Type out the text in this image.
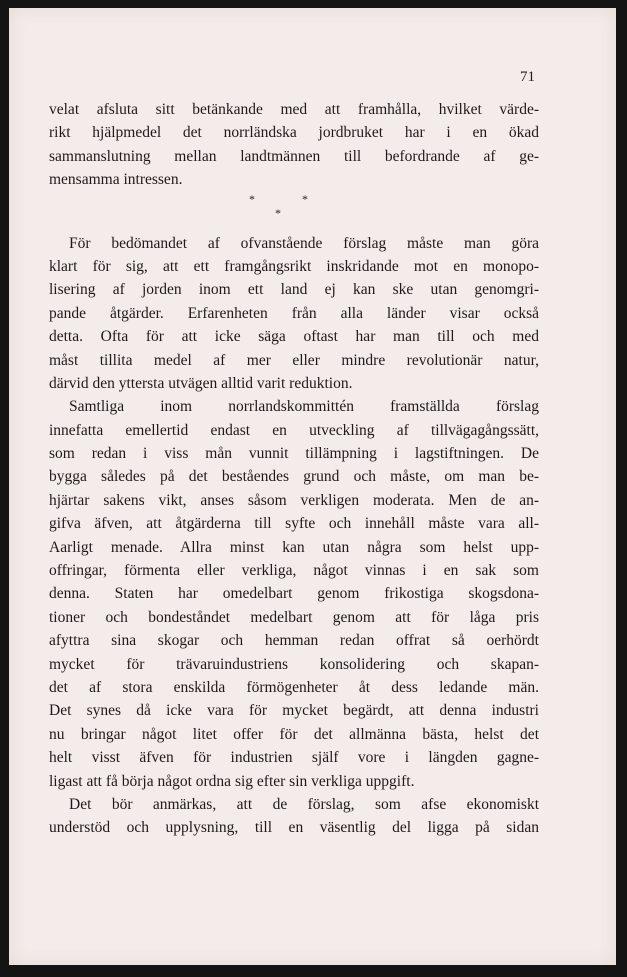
71
velat afsluta sitt betänkande med att framhålla, hvilket värde-
rikt hjälpmedel det norrländska jordbruket har i en ökad
sammanslutning mellan landtmännen till befordrande af ge-
mensamma intressen.
*	*
*
För bedömandet af ofvanstående förslag måste man göra
klart för sig, att ett framgångsrikt inskridande mot en monopo-
lisering af jorden inom ett land ej kan ske utan genomgri-
pande åtgärder. Erfarenheten från alla länder visar också
detta. Ofta för att icke säga oftast har man till och med
måst tillita medel af mer eller mindre revolutionär natur,
därvid den yttersta utvägen alltid varit reduktion.
Samtliga inom norrlandskommittén framställda förslag
innefatta emellertid endast en utveckling af tillvägagångssätt,
som redan i viss mån vunnit tillämpning i lagstiftningen. De
bygga således på det beståendes grund och måste, om man be-
hjärtar sakens vikt, anses såsom verkligen moderata. Men de an-
gifva äfven, att åtgärderna till syfte och innehåll måste vara all-
Aarligt menade. Allra minst kan utan några som helst upp-
offringar, förmenta eller verkliga, något vinnas i en sak som
denna. Staten har omedelbart genom frikostiga skogsdona-
tioner och bondeståndet medelbart genom att för låga pris
afyttra sina skogar och hemman redan offrat så oerhördt
mycket för trävaruindustriens konsolidering och skapan-
det af stora enskilda förmögenheter åt dess ledande män.
Det synes då icke vara för mycket begärdt, att denna industri
nu bringar något litet offer för det allmänna bästa, helst det
helt visst äfven för industrien själf vore i längden gagne-
ligast att få börja något ordna sig efter sin verkliga uppgift.
Det bör anmärkas, att de förslag, som afse ekonomiskt
understöd och upplysning, till en väsentlig del ligga på sidan
